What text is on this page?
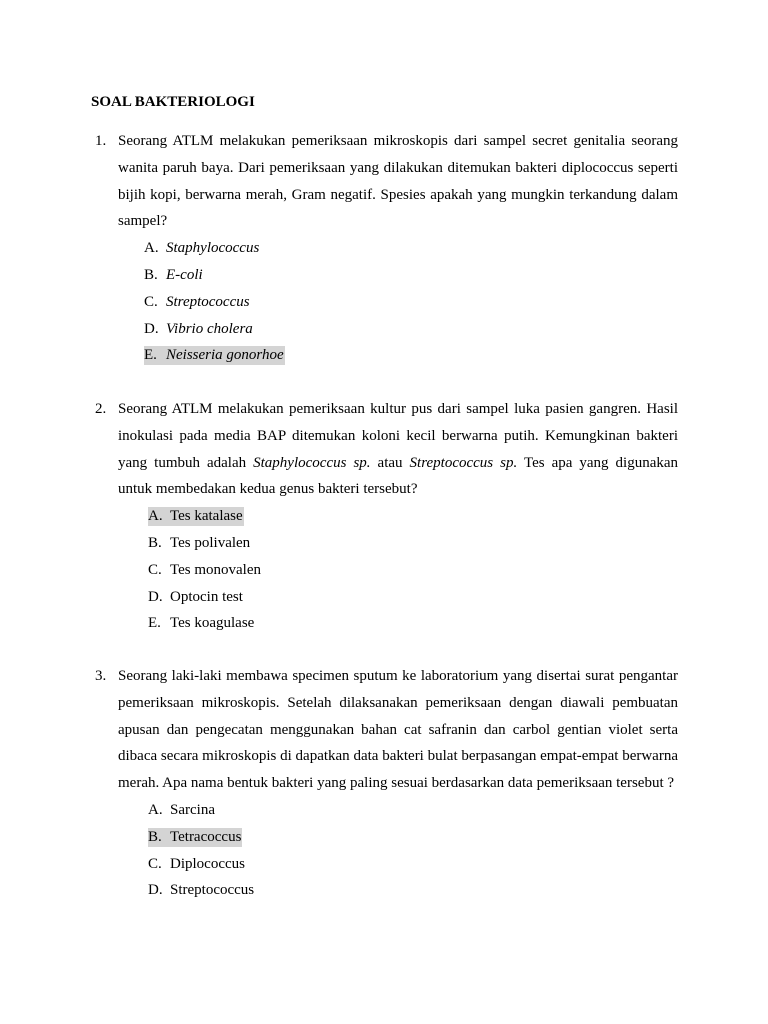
SOAL BAKTERIOLOGI
1. Seorang ATLM melakukan pemeriksaan mikroskopis dari sampel secret genitalia seorang wanita paruh baya. Dari pemeriksaan yang dilakukan ditemukan bakteri diplococcus seperti bijih kopi, berwarna merah, Gram negatif. Spesies apakah yang mungkin terkandung dalam sampel?

A. Staphylococcus
B. E-coli
C. Streptococcus
D. Vibrio cholera
E. Neisseria gonorhoe
2. Seorang ATLM melakukan pemeriksaan kultur pus dari sampel luka pasien gangren. Hasil inokulasi pada media BAP ditemukan koloni kecil berwarna putih. Kemungkinan bakteri yang tumbuh adalah Staphylococcus sp. atau Streptococcus sp. Tes apa yang digunakan untuk membedakan kedua genus bakteri tersebut?

A. Tes katalase
B. Tes polivalen
C. Tes monovalen
D. Optocin test
E. Tes koagulase
3. Seorang laki-laki membawa specimen sputum ke laboratorium yang disertai surat pengantar pemeriksaan mikroskopis. Setelah dilaksanakan pemeriksaan dengan diawali pembuatan apusan dan pengecatan menggunakan bahan cat safranin dan carbol gentian violet serta dibaca secara mikroskopis di dapatkan data bakteri bulat berpasangan empat-empat berwarna merah. Apa nama bentuk bakteri yang paling sesuai berdasarkan data pemeriksaan tersebut ?

A. Sarcina
B. Tetracoccus
C. Diplococcus
D. Streptococcus
